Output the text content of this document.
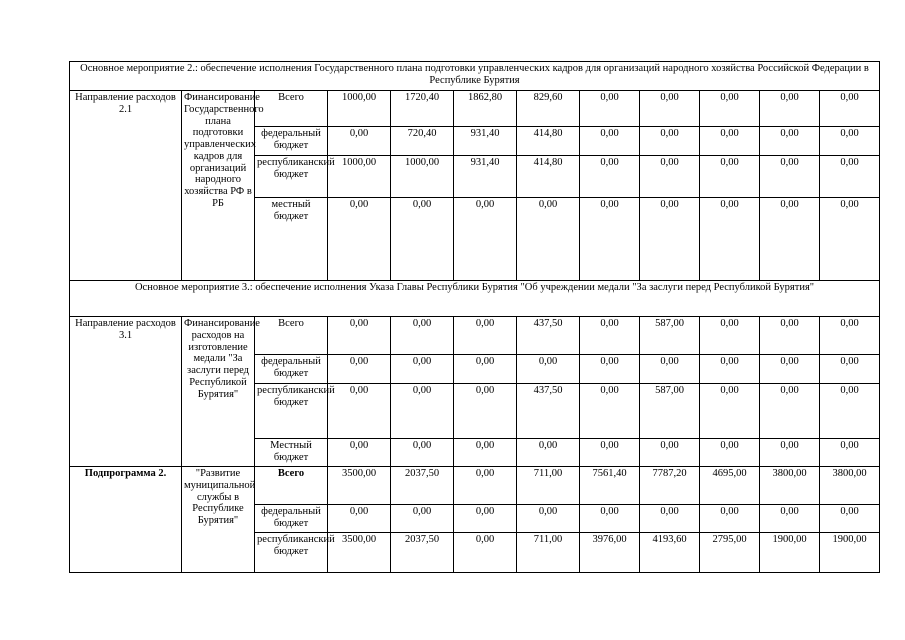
Основное мероприятие 2.: обеспечение исполнения Государственного плана подготовки управленческих кадров для организаций народного хозяйства Российской Федерации в Республике Бурятия											
Направление расходов 2.1	Финансирование Государственного плана подготовки управленческих кадров для организаций народного хозяйства РФ в РБ	Всего	1000,00	1720,40	1862,80	829,60	0,00	0,00	0,00	0,00	0,00
		федеральный бюджет	0,00	720,40	931,40	414,80	0,00	0,00	0,00	0,00	0,00
		республиканский бюджет	1000,00	1000,00	931,40	414,80	0,00	0,00	0,00	0,00	0,00
		местный бюджет	0,00	0,00	0,00	0,00	0,00	0,00	0,00	0,00	0,00
Основное мероприятие 3.: обеспечение исполнения Указа Главы Республики Бурятия "Об учреждении медали "За заслуги перед Республикой Бурятия"											
Направление расходов 3.1	Финансирование расходов на изготовление медали "За заслуги перед Республикой Бурятия"	Всего	0,00	0,00	0,00	437,50	0,00	587,00	0,00	0,00	0,00
		федеральный бюджет	0,00	0,00	0,00	0,00	0,00	0,00	0,00	0,00	0,00
		республиканский бюджет	0,00	0,00	0,00	437,50	0,00	587,00	0,00	0,00	0,00
		Местный бюджет	0,00	0,00	0,00	0,00	0,00	0,00	0,00	0,00	0,00
Подпрограмма 2.	"Развитие муниципальной службы в Республике Бурятия"	Всего	3500,00	2037,50	0,00	711,00	7561,40	7787,20	4695,00	3800,00	3800,00
		федеральный бюджет	0,00	0,00	0,00	0,00	0,00	0,00	0,00	0,00	0,00
		республиканский бюджет	3500,00	2037,50	0,00	711,00	3976,00	4193,60	2795,00	1900,00	1900,00
